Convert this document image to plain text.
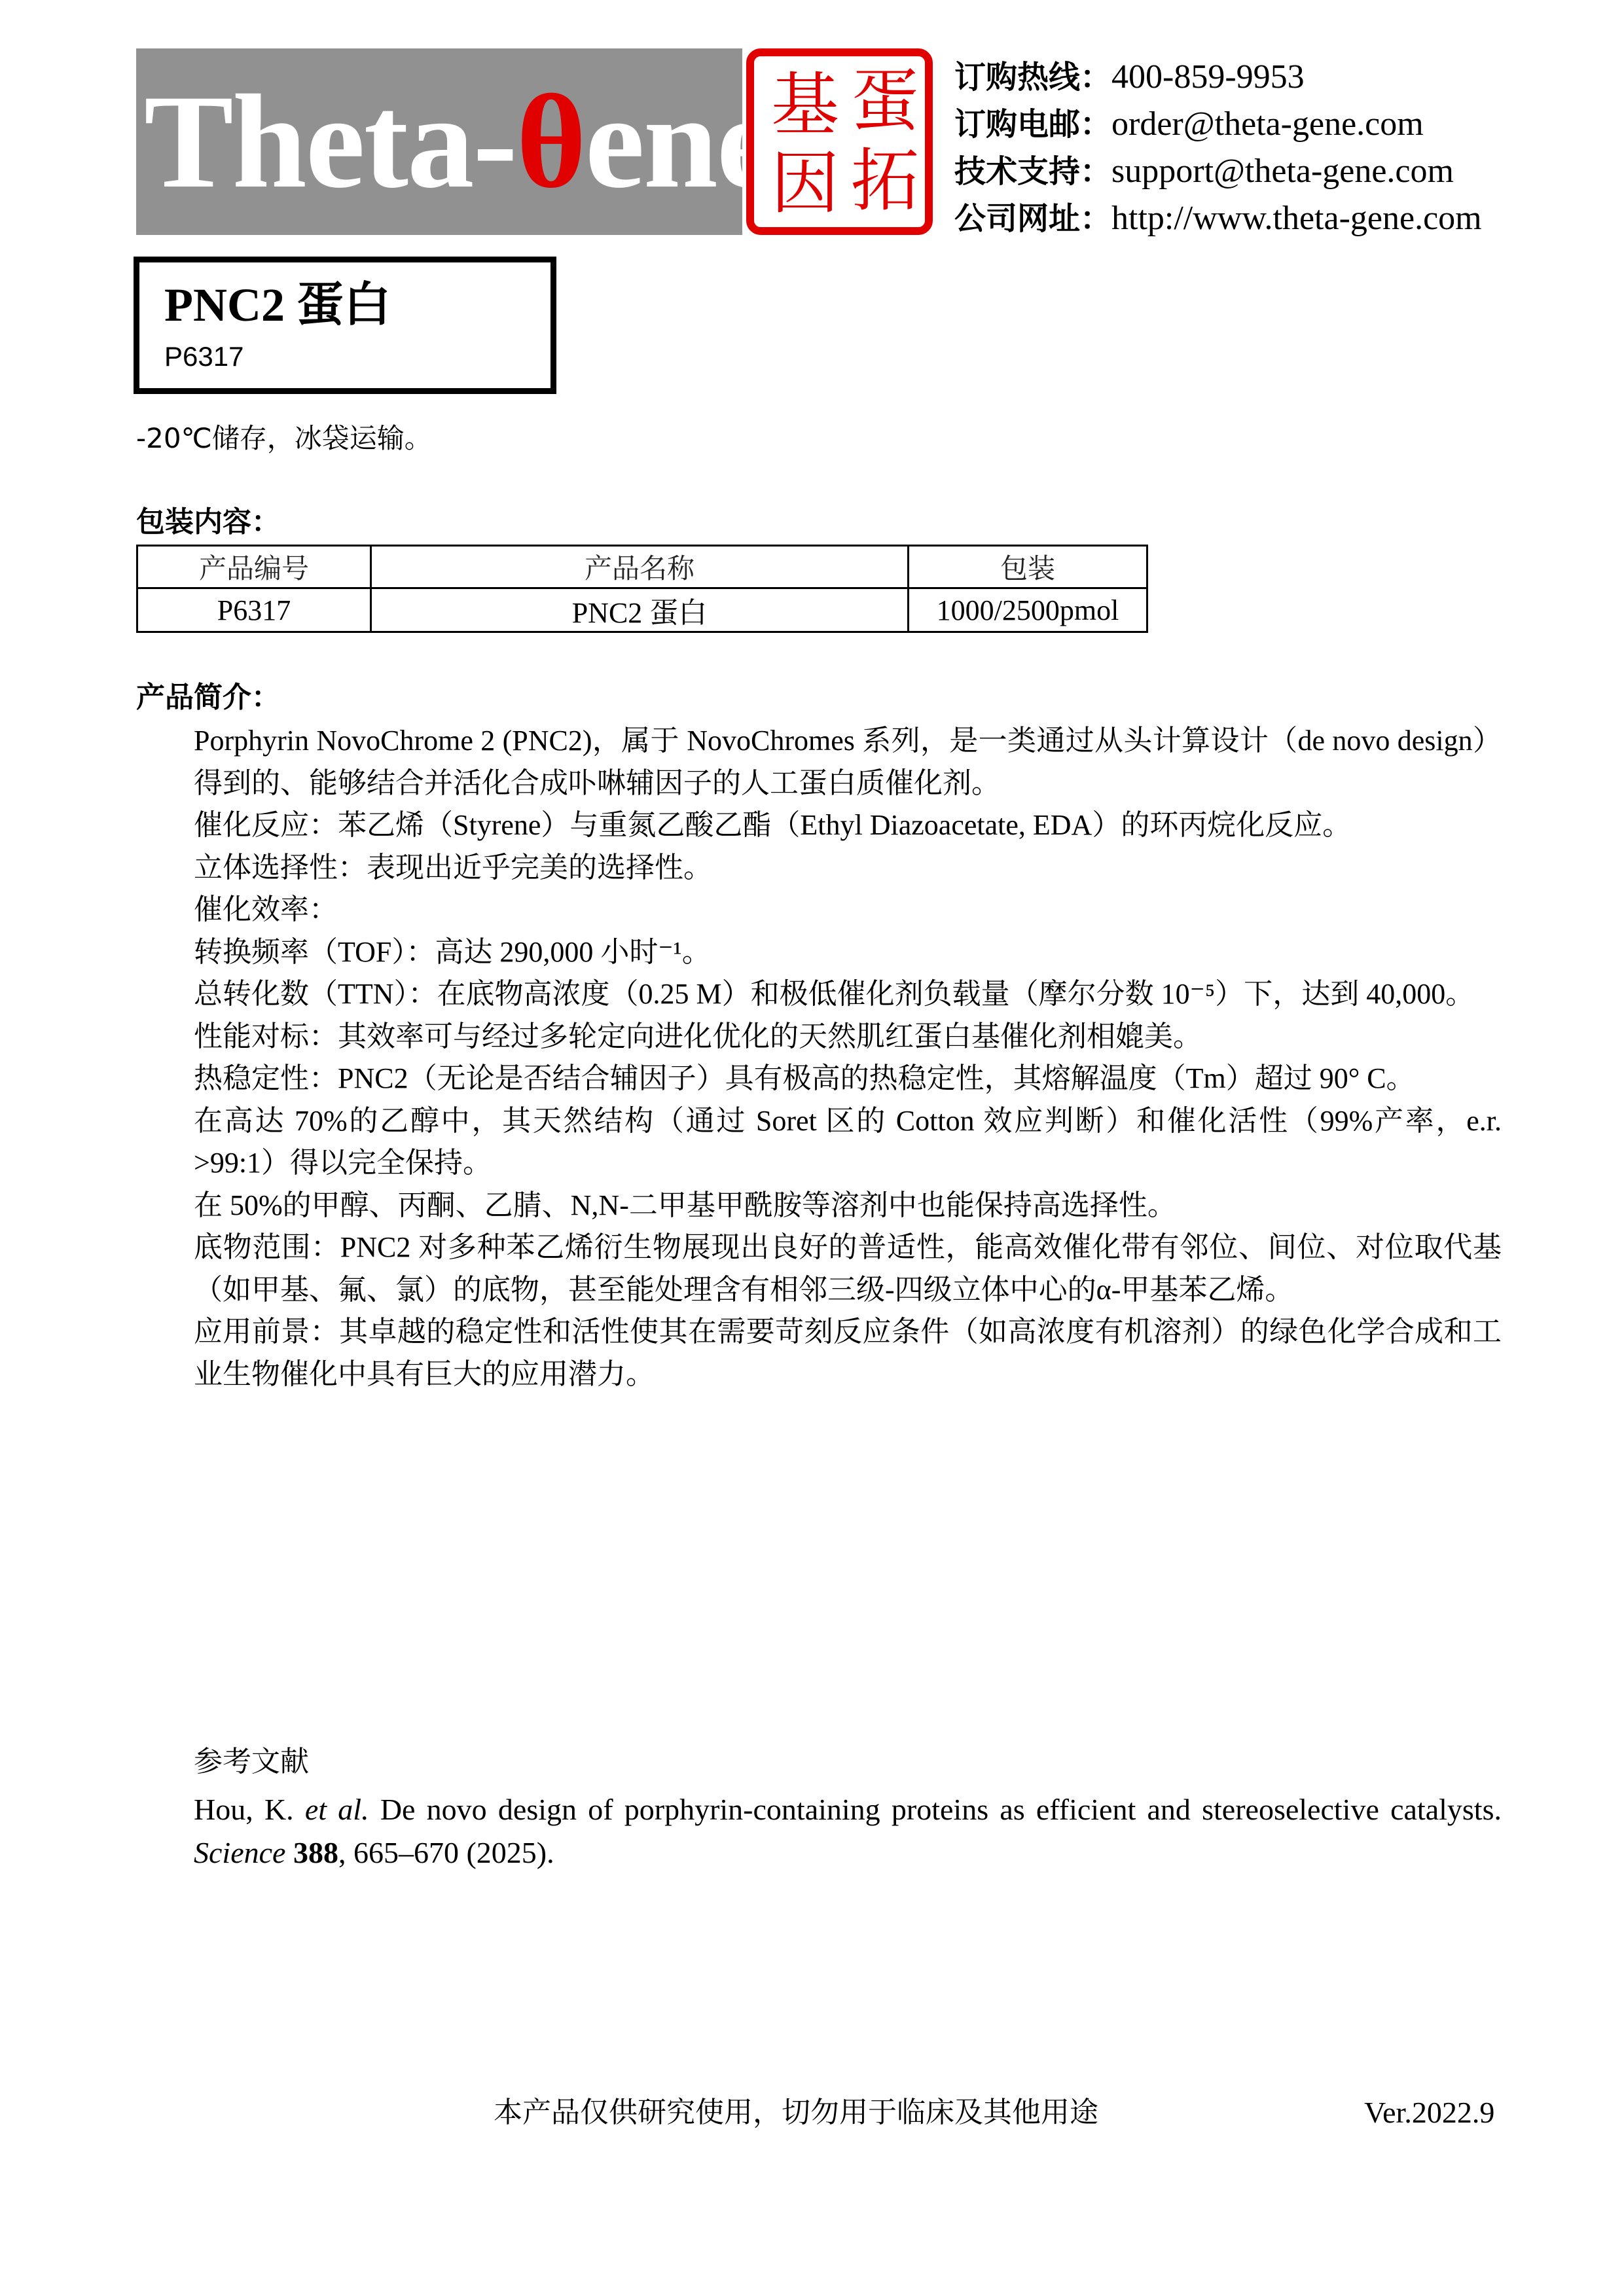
Theta-θene
基 蛋
因 拓
订购热线：400-859-9953
订购电邮：order@theta-gene.com
技术支持：support@theta-gene.com
公司网址：http://www.theta-gene.com
PNC2 蛋白
P6317
-20℃储存，冰袋运输。
包装内容：
产品编号	产品名称	包装
P6317	PNC2 蛋白	1000/2500pmol
产品简介：

Porphyrin NovoChrome 2 (PNC2)，属于 NovoChromes 系列，是一类通过从头计算设计（de novo design）得到的、能够结合并活化合成卟啉辅因子的人工蛋白质催化剂。

催化反应：苯乙烯（Styrene）与重氮乙酸乙酯（Ethyl Diazoacetate, EDA）的环丙烷化反应。

立体选择性：表现出近乎完美的选择性。

催化效率：

转换频率（TOF）：高达 290,000 小时⁻¹。

总转化数（TTN）：在底物高浓度（0.25 M）和极低催化剂负载量（摩尔分数 10⁻⁵）下，达到 40,000。

性能对标：其效率可与经过多轮定向进化优化的天然肌红蛋白基催化剂相媲美。

热稳定性：PNC2（无论是否结合辅因子）具有极高的热稳定性，其熔解温度（Tm）超过 90° C。

在高达 70%的乙醇中，其天然结构（通过 Soret 区的 Cotton 效应判断）和催化活性（99%产率，e.r. >99:1）得以完全保持。

在 50%的甲醇、丙酮、乙腈、N,N-二甲基甲酰胺等溶剂中也能保持高选择性。

底物范围：PNC2 对多种苯乙烯衍生物展现出良好的普适性，能高效催化带有邻位、间位、对位取代基（如甲基、氟、氯）的底物，甚至能处理含有相邻三级-四级立体中心的α-甲基苯乙烯。

应用前景：其卓越的稳定性和活性使其在需要苛刻反应条件（如高浓度有机溶剂）的绿色化学合成和工业生物催化中具有巨大的应用潜力。

参考文献
Hou, K. et al. De novo design of porphyrin-containing proteins as efficient and stereoselective catalysts. Science 388, 665–670 (2025).
本产品仅供研究使用，切勿用于临床及其他用途	Ver.2022.9
